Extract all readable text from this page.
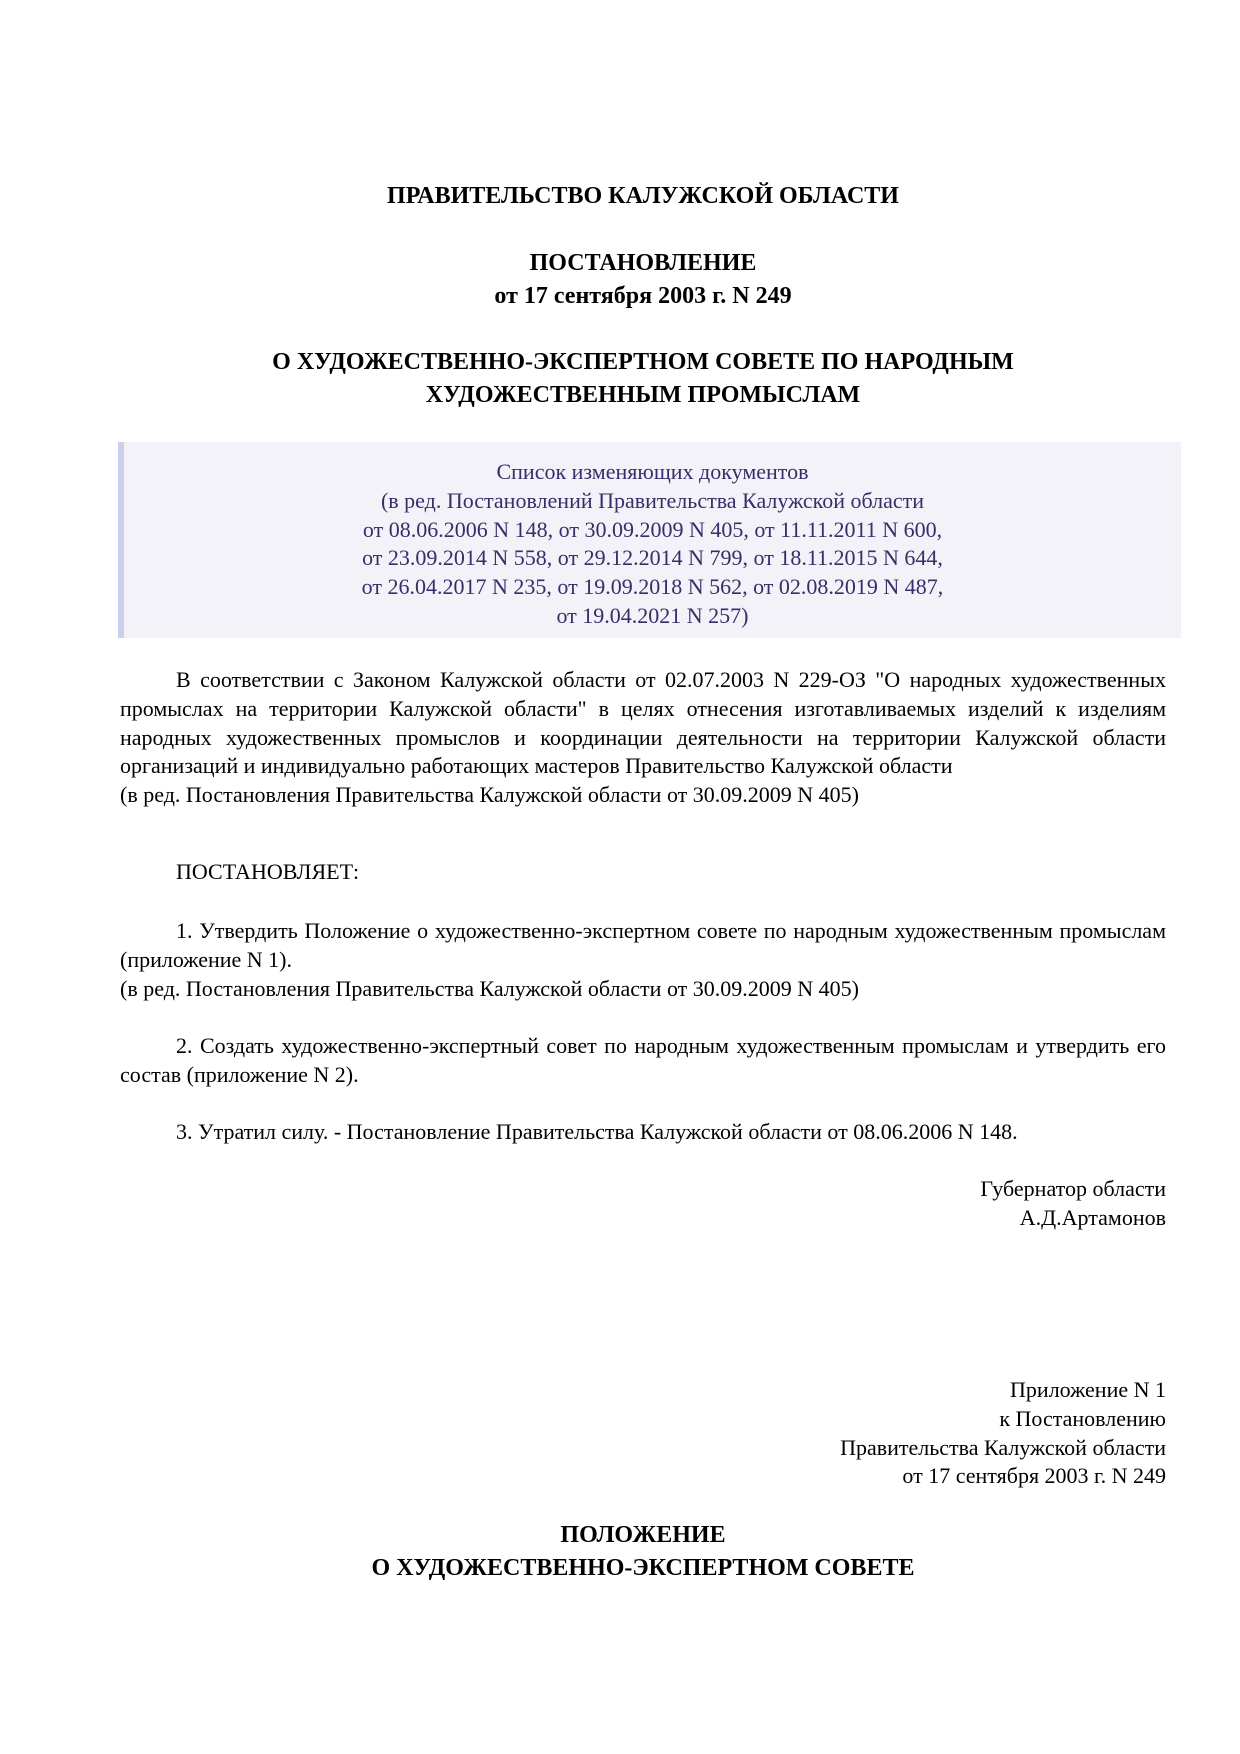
ПРАВИТЕЛЬСТВО КАЛУЖСКОЙ ОБЛАСТИ

ПОСТАНОВЛЕНИЕ

от 17 сентября 2003 г. N 249

О ХУДОЖЕСТВЕННО-ЭКСПЕРТНОМ СОВЕТЕ ПО НАРОДНЫМ

ХУДОЖЕСТВЕННЫМ ПРОМЫСЛАМ

Список изменяющих документов
(в ред. Постановлений Правительства Калужской области
от 08.06.2006 N 148, от 30.09.2009 N 405, от 11.11.2011 N 600,
от 23.09.2014 N 558, от 29.12.2014 N 799, от 18.11.2015 N 644,
от 26.04.2017 N 235, от 19.09.2018 N 562, от 02.08.2019 N 487,
от 19.04.2021 N 257)

В соответствии с Законом Калужской области от 02.07.2003 N 229-ОЗ "О народных художественных промыслах на территории Калужской области" в целях отнесения изготавливаемых изделий к изделиям народных художественных промыслов и координации деятельности на территории Калужской области организаций и индивидуально работающих мастеров Правительство Калужской области

(в ред. Постановления Правительства Калужской области от 30.09.2009 N 405)

ПОСТАНОВЛЯЕТ:

1. Утвердить Положение о художественно-экспертном совете по народным художественным промыслам (приложение N 1).

(в ред. Постановления Правительства Калужской области от 30.09.2009 N 405)

2. Создать художественно-экспертный совет по народным художественным промыслам и утвердить его состав (приложение N 2).

3. Утратил силу. - Постановление Правительства Калужской области от 08.06.2006 N 148.

Губернатор области

А.Д.Артамонов

Приложение N 1

к Постановлению

Правительства Калужской области

от 17 сентября 2003 г. N 249

ПОЛОЖЕНИЕ

О ХУДОЖЕСТВЕННО-ЭКСПЕРТНОМ СОВЕТЕ
